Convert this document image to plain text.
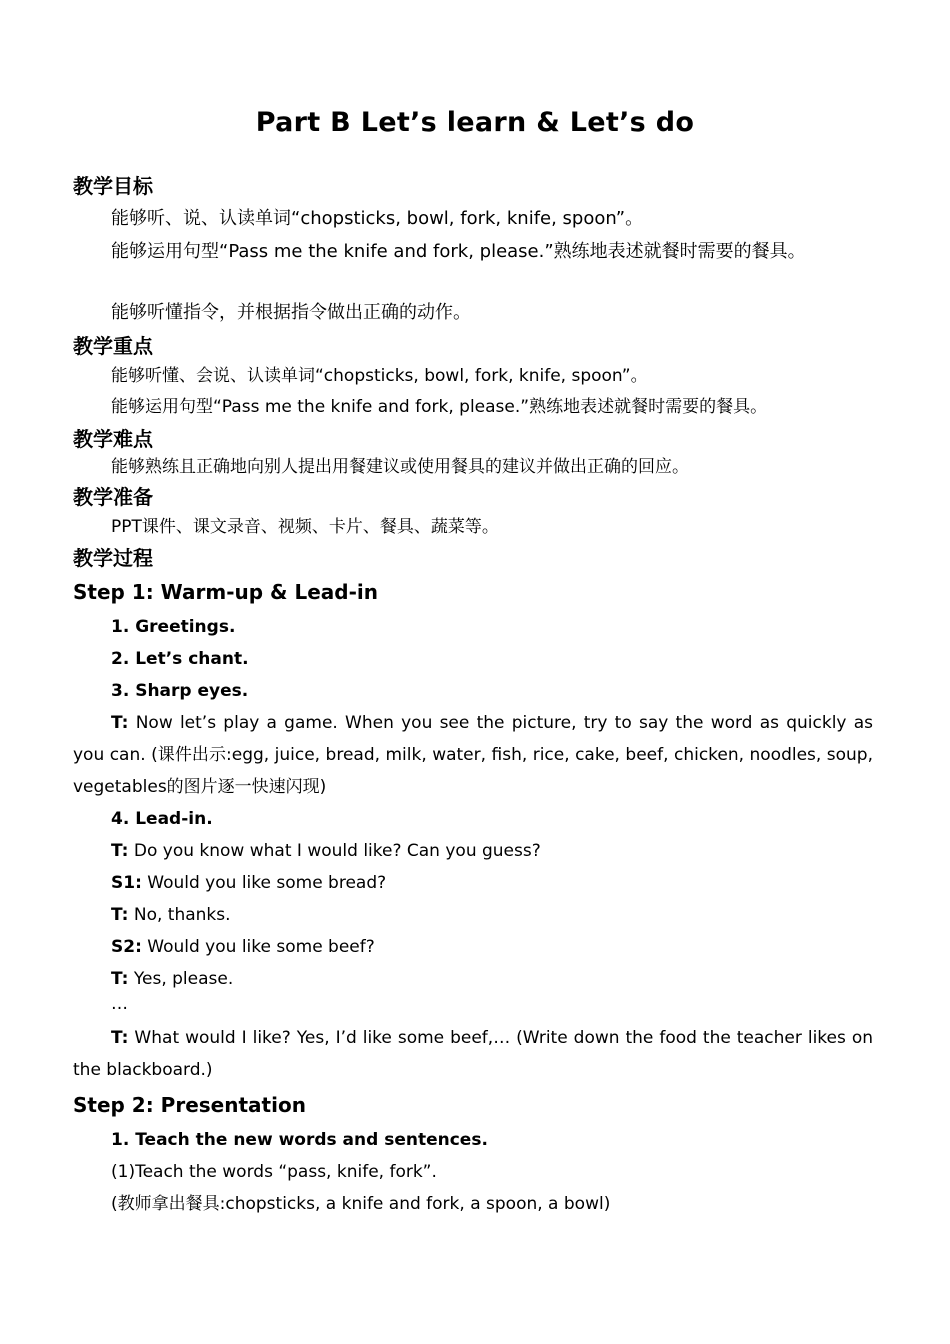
Part B Let’s learn & Let’s do
教学目标
能够听、说、认读单词“chopsticks, bowl, fork, knife, spoon”。
能够运用句型“Pass me the knife and fork, please.”熟练地表述就餐时需要的餐具。
能够听懂指令，并根据指令做出正确的动作。
教学重点
能够听懂、会说、认读单词“chopsticks, bowl, fork, knife, spoon”。
能够运用句型“Pass me the knife and fork, please.”熟练地表述就餐时需要的餐具。
教学难点
能够熟练且正确地向别人提出用餐建议或使用餐具的建议并做出正确的回应。
教学准备
PPT课件、课文录音、视频、卡片、餐具、蔬菜等。
教学过程
Step 1: Warm-up & Lead-in
1. Greetings.
2. Let’s chant.
3. Sharp eyes.
T: Now let’s play a game. When you see the picture, try to say the word as quickly as you can. (课件出示:egg, juice, bread, milk, water, fish, rice, cake, beef, chicken, noodles, soup, vegetables的图片逐一快速闪现)
4. Lead-in.
T: Do you know what I would like? Can you guess?
S1: Would you like some bread?
T: No, thanks.
S2: Would you like some beef?
T: Yes, please.
…
T: What would I like? Yes, I’d like some beef,… (Write down the food the teacher likes on the blackboard.)
Step 2: Presentation
1. Teach the new words and sentences.
(1)Teach the words “pass, knife, fork”.
(教师拿出餐具:chopsticks, a knife and fork, a spoon, a bowl)
